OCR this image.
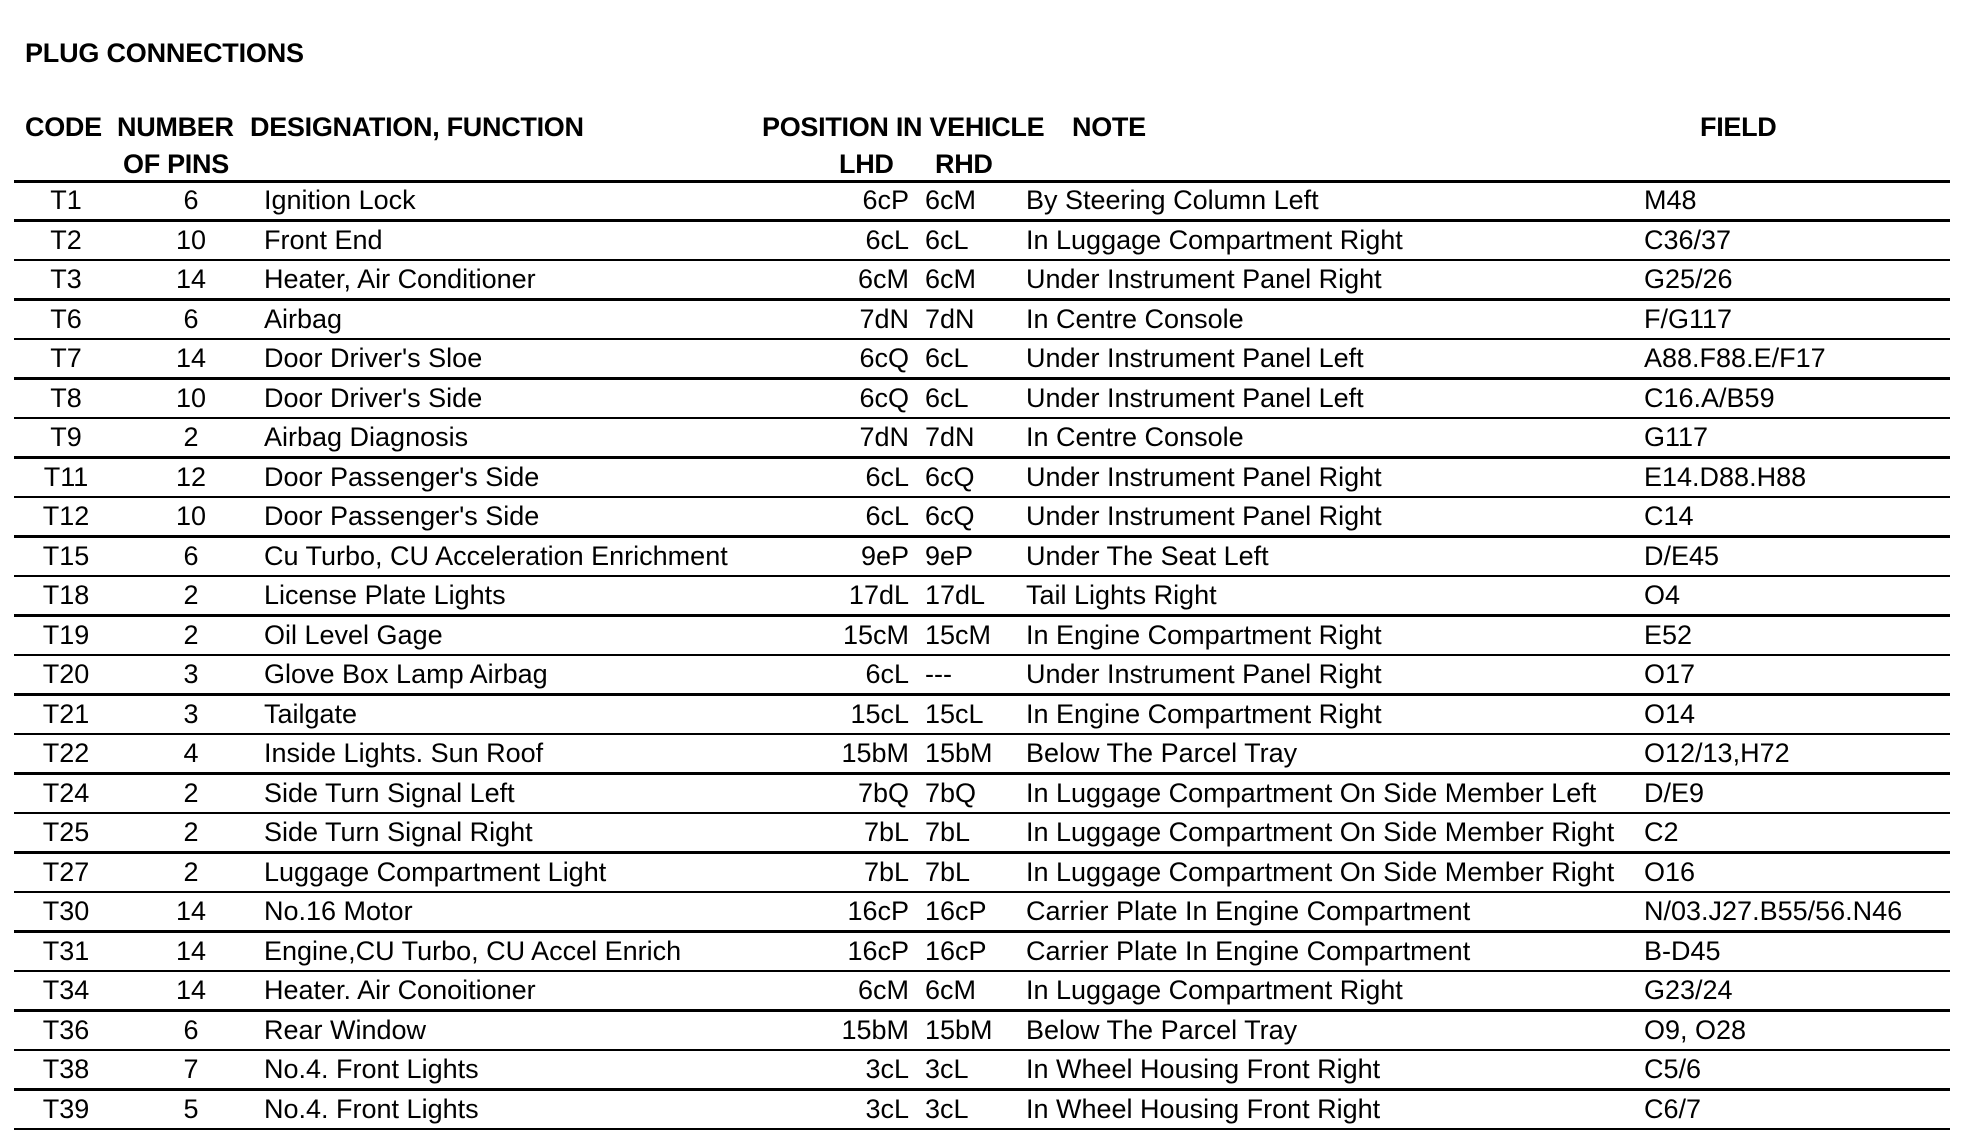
PLUG CONNECTIONS
CODE NUMBER
OF PINS
DESIGNATION, FUNCTION	POSITION IN VEHICLE
LHD RHD
NOTE	FIELD
T1	6	Ignition Lock	6cP	6cM	By Steering Column Left	M48
T2	10	Front End	6cL	6cL	In Luggage Compartment Right	C36/37
T3	14	Heater, Air Conditioner	6cM	6cM	Under Instrument Panel Right	G25/26
T6	6	Airbag	7dN	7dN	In Centre Console	F/G117
T7	14	Door Driver's Sloe	6cQ	6cL	Under Instrument Panel Left	A88.F88.E/F17
T8	10	Door Driver's Side	6cQ	6cL	Under Instrument Panel Left	C16.A/B59
T9	2	Airbag Diagnosis	7dN	7dN	In Centre Console	G117
T11	12	Door Passenger's Side	6cL	6cQ	Under Instrument Panel Right	E14.D88.H88
T12	10	Door Passenger's Side	6cL	6cQ	Under Instrument Panel Right	C14
T15	6	Cu Turbo, CU Acceleration Enrichment	9eP	9eP	Under The Seat Left	D/E45
T18	2	License Plate Lights	17dL	17dL	Tail Lights Right	O4
T19	2	Oil Level Gage	15cM	15cM	In Engine Compartment Right	E52
T20	3	Glove Box Lamp Airbag	6cL	---	Under Instrument Panel Right	O17
T21	3	Tailgate	15cL	15cL	In Engine Compartment Right	O14
T22	4	Inside Lights. Sun Roof	15bM	15bM	Below The Parcel Tray	O12/13,H72
T24	2	Side Turn Signal Left	7bQ	7bQ	In Luggage Compartment On Side Member Left	D/E9
T25	2	Side Turn Signal Right	7bL	7bL	In Luggage Compartment On Side Member Right	C2
T27	2	Luggage Compartment Light	7bL	7bL	In Luggage Compartment On Side Member Right	O16
T30	14	No.16 Motor	16cP	16cP	Carrier Plate In Engine Compartment	N/03.J27.B55/56.N46
T31	14	Engine,CU Turbo, CU Accel Enrich	16cP	16cP	Carrier Plate In Engine Compartment	B-D45
T34	14	Heater. Air Conoitioner	6cM	6cM	In Luggage Compartment Right	G23/24
T36	6	Rear Window	15bM	15bM	Below The Parcel Tray	O9, O28
T38	7	No.4. Front Lights	3cL	3cL	In Wheel Housing Front Right	C5/6
T39	5	No.4. Front Lights	3cL	3cL	In Wheel Housing Front Right	C6/7
